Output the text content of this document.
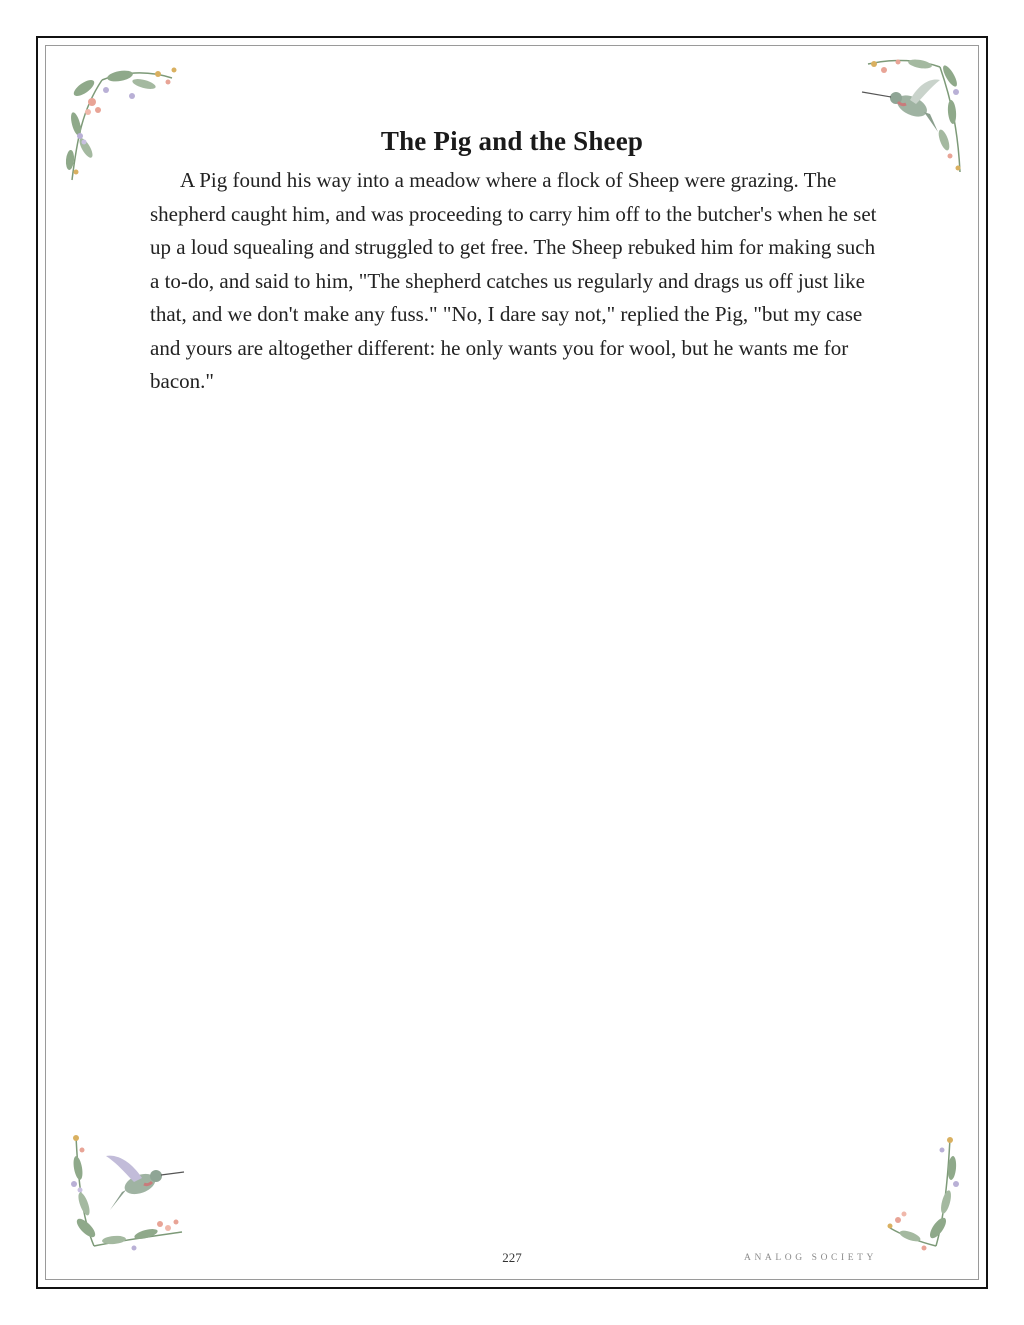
The Pig and the Sheep

A Pig found his way into a meadow where a flock of Sheep were grazing. The shepherd caught him, and was proceeding to carry him off to the butcher's when he set up a loud squealing and struggled to get free. The Sheep rebuked him for making such a to-do, and said to him, "The shepherd catches us regularly and drags us off just like that, and we don't make any fuss." "No, I dare say not," replied the Pig, "but my case and yours are altogether different: he only wants you for wool, but he wants me for bacon."

227	ANALOG SOCIETY
